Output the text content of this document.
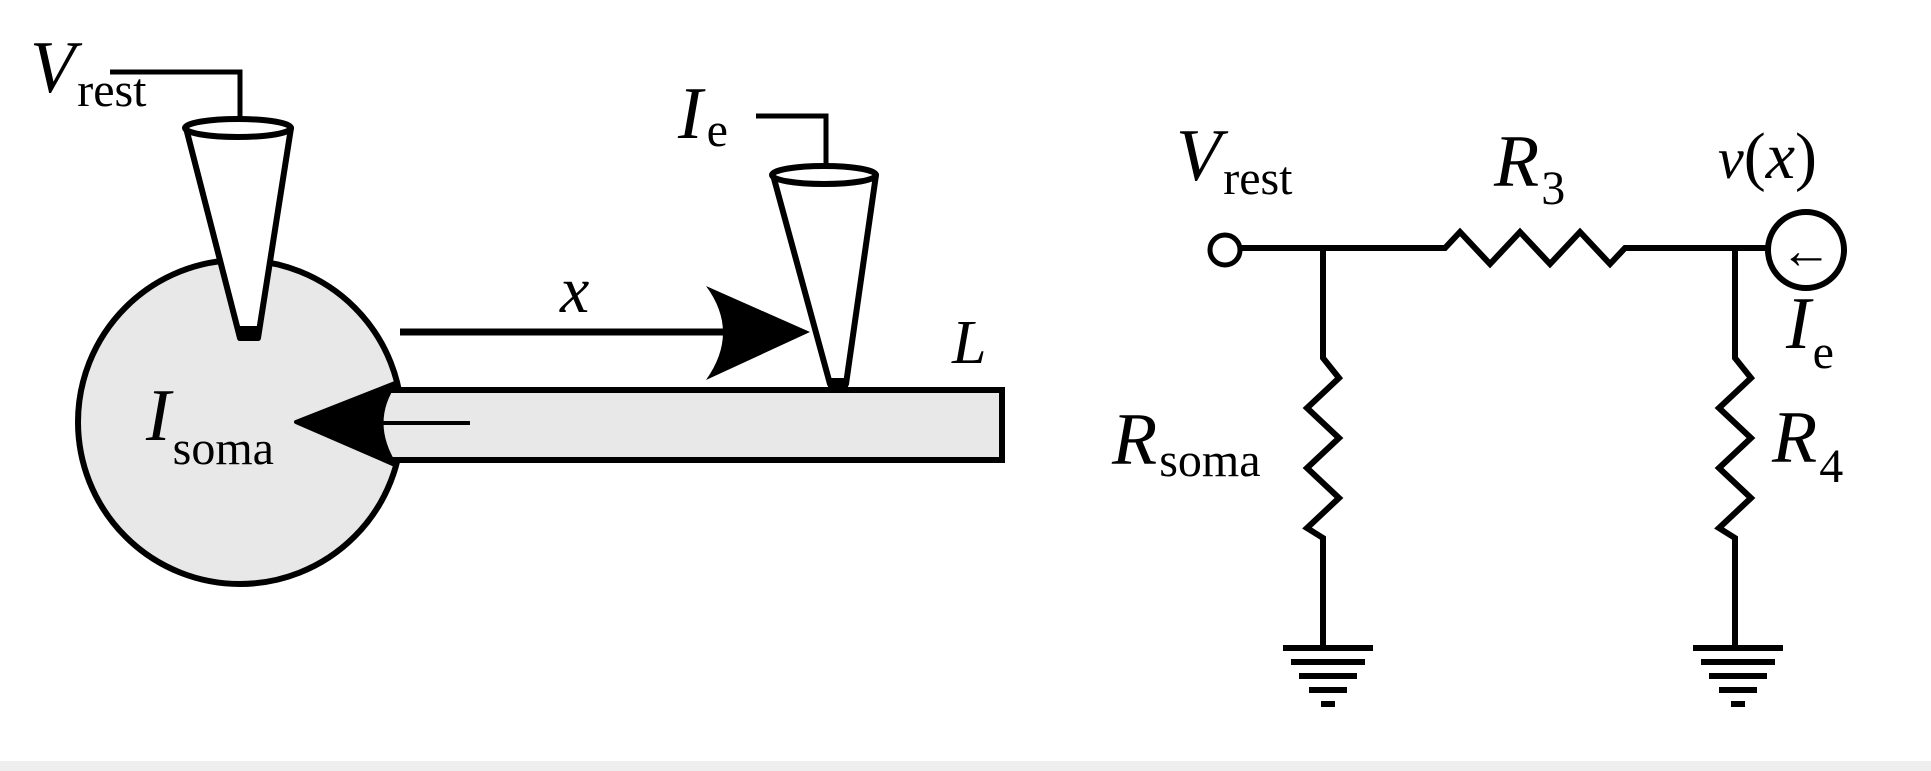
Vrest	Ie
x
L
Isoma
←
Vrest	R3	v(x)
Ie
Rsoma	R4
